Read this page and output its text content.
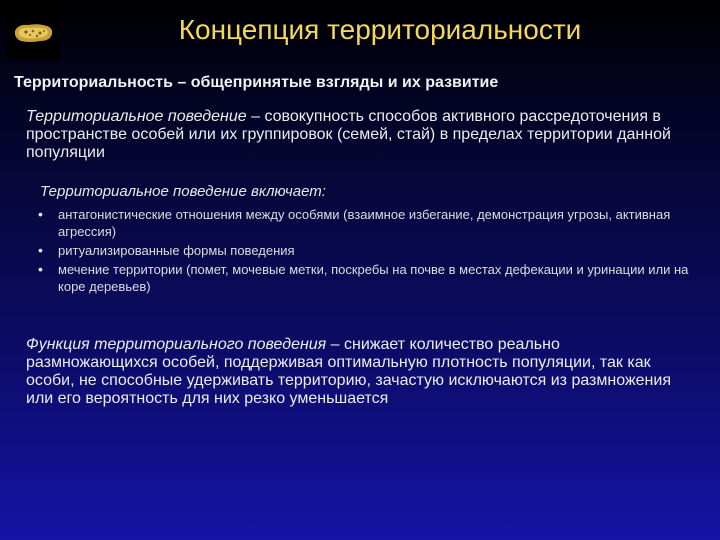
Концепция территориальности

Территориальность – общепринятые взгляды и их развитие

Территориальное поведение – совокупность способов активного рассредоточения в пространстве особей или их группировок (семей, стай) в пределах территории данной популяции

Территориальное поведение включает:

• антагонистические отношения между особями (взаимное избегание, демонстрация угрозы, активная агрессия)
• ритуализированные формы поведения
• мечение территории (помет, мочевые метки, поскребы на почве в местах дефекации и уринации или на коре деревьев)

Функция территориального поведения – снижает количество реально размножающихся особей, поддерживая оптимальную плотность популяции, так как особи, не способные удерживать территорию, зачастую исключаются из размножения или его вероятность для них резко уменьшается
